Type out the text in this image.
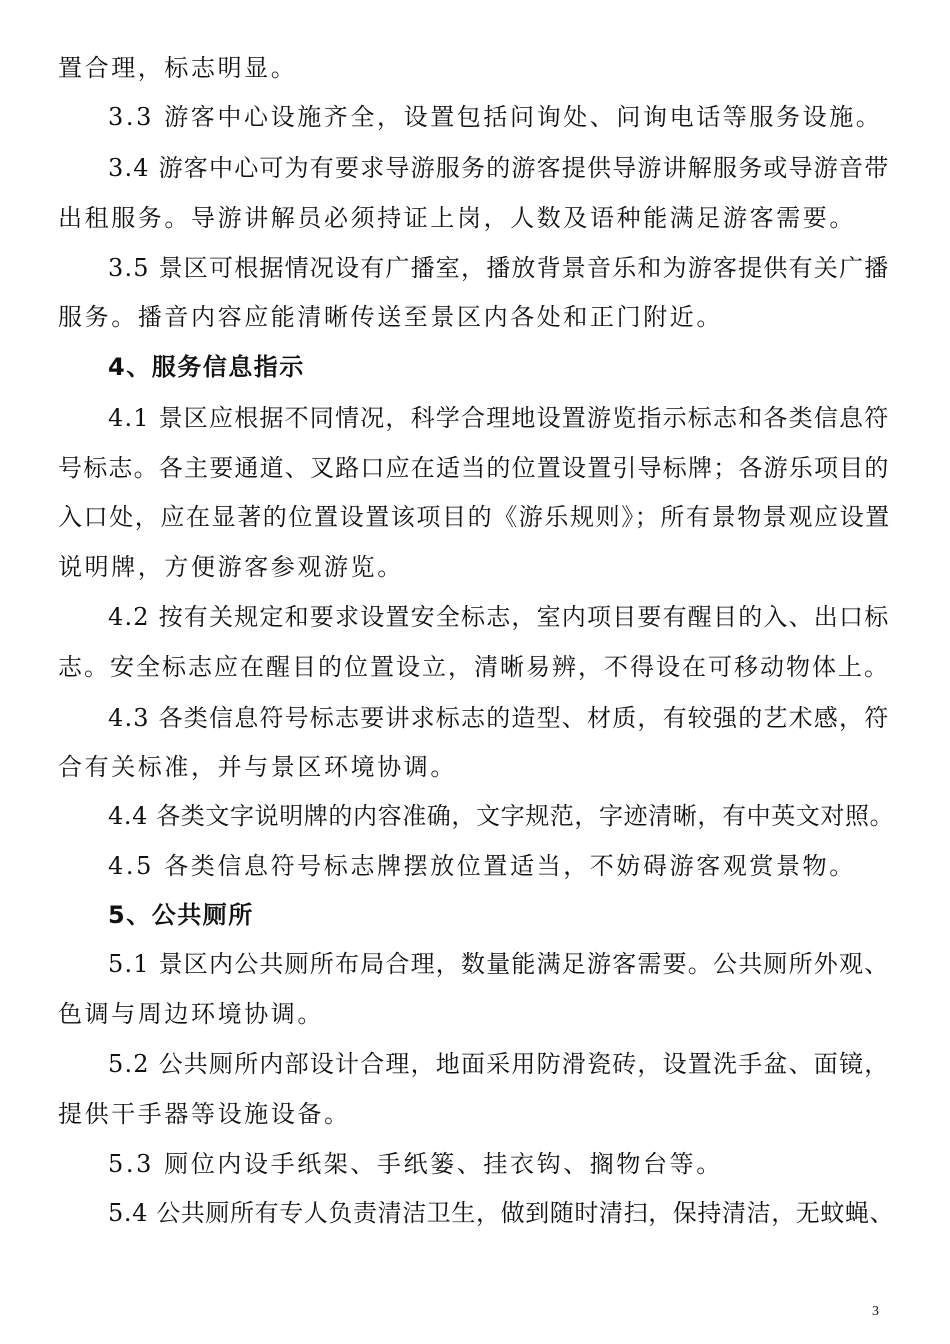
置合理，标志明显。
3.3 游客中心设施齐全，设置包括问询处、问询电话等服务设施。
3.4 游客中心可为有要求导游服务的游客提供导游讲解服务或导游音带
出租服务。导游讲解员必须持证上岗，人数及语种能满足游客需要。
3.5 景区可根据情况设有广播室，播放背景音乐和为游客提供有关广播
服务。播音内容应能清晰传送至景区内各处和正门附近。
4、服务信息指示
4.1 景区应根据不同情况，科学合理地设置游览指示标志和各类信息符
号标志。各主要通道、叉路口应在适当的位置设置引导标牌；各游乐项目的
入口处，应在显著的位置设置该项目的《游乐规则》；所有景物景观应设置
说明牌，方便游客参观游览。
4.2 按有关规定和要求设置安全标志，室内项目要有醒目的入、出口标
志。安全标志应在醒目的位置设立，清晰易辨，不得设在可移动物体上。
4.3 各类信息符号标志要讲求标志的造型、材质，有较强的艺术感，符
合有关标准，并与景区环境协调。
4.4 各类文字说明牌的内容准确，文字规范，字迹清晰，有中英文对照。
4.5 各类信息符号标志牌摆放位置适当，不妨碍游客观赏景物。
5、公共厕所
5.1 景区内公共厕所布局合理，数量能满足游客需要。公共厕所外观、
色调与周边环境协调。
5.2 公共厕所内部设计合理，地面采用防滑瓷砖，设置洗手盆、面镜，
提供干手器等设施设备。
5.3 厕位内设手纸架、手纸篓、挂衣钩、搁物台等。
5.4 公共厕所有专人负责清洁卫生，做到随时清扫，保持清洁，无蚊蝇、
3
